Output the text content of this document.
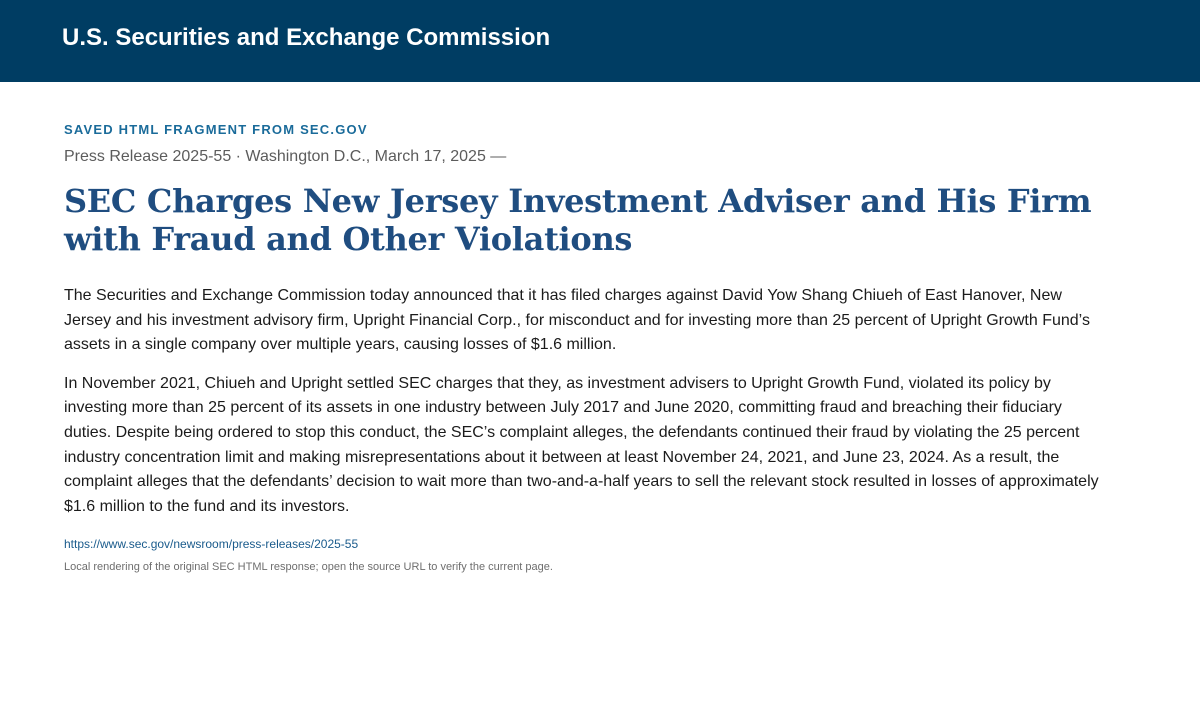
U.S. Securities and Exchange Commission

SAVED HTML FRAGMENT FROM SEC.GOV

Press Release 2025-55 · Washington D.C., March 17, 2025 —

SEC Charges New Jersey Investment Adviser and His Firm with Fraud and Other Violations

The Securities and Exchange Commission today announced that it has filed charges against David Yow Shang Chiueh of East Hanover, New Jersey and his investment advisory firm, Upright Financial Corp., for misconduct and for investing more than 25 percent of Upright Growth Fund’s assets in a single company over multiple years, causing losses of $1.6 million.

In November 2021, Chiueh and Upright settled SEC charges that they, as investment advisers to Upright Growth Fund, violated its policy by investing more than 25 percent of its assets in one industry between July 2017 and June 2020, committing fraud and breaching their fiduciary duties. Despite being ordered to stop this conduct, the SEC’s complaint alleges, the defendants continued their fraud by violating the 25 percent industry concentration limit and making misrepresentations about it between at least November 24, 2021, and June 23, 2024. As a result, the complaint alleges that the defendants’ decision to wait more than two-and-a-half years to sell the relevant stock resulted in losses of approximately $1.6 million to the fund and its investors.

https://www.sec.gov/newsroom/press-releases/2025-55

Local rendering of the original SEC HTML response; open the source URL to verify the current page.
